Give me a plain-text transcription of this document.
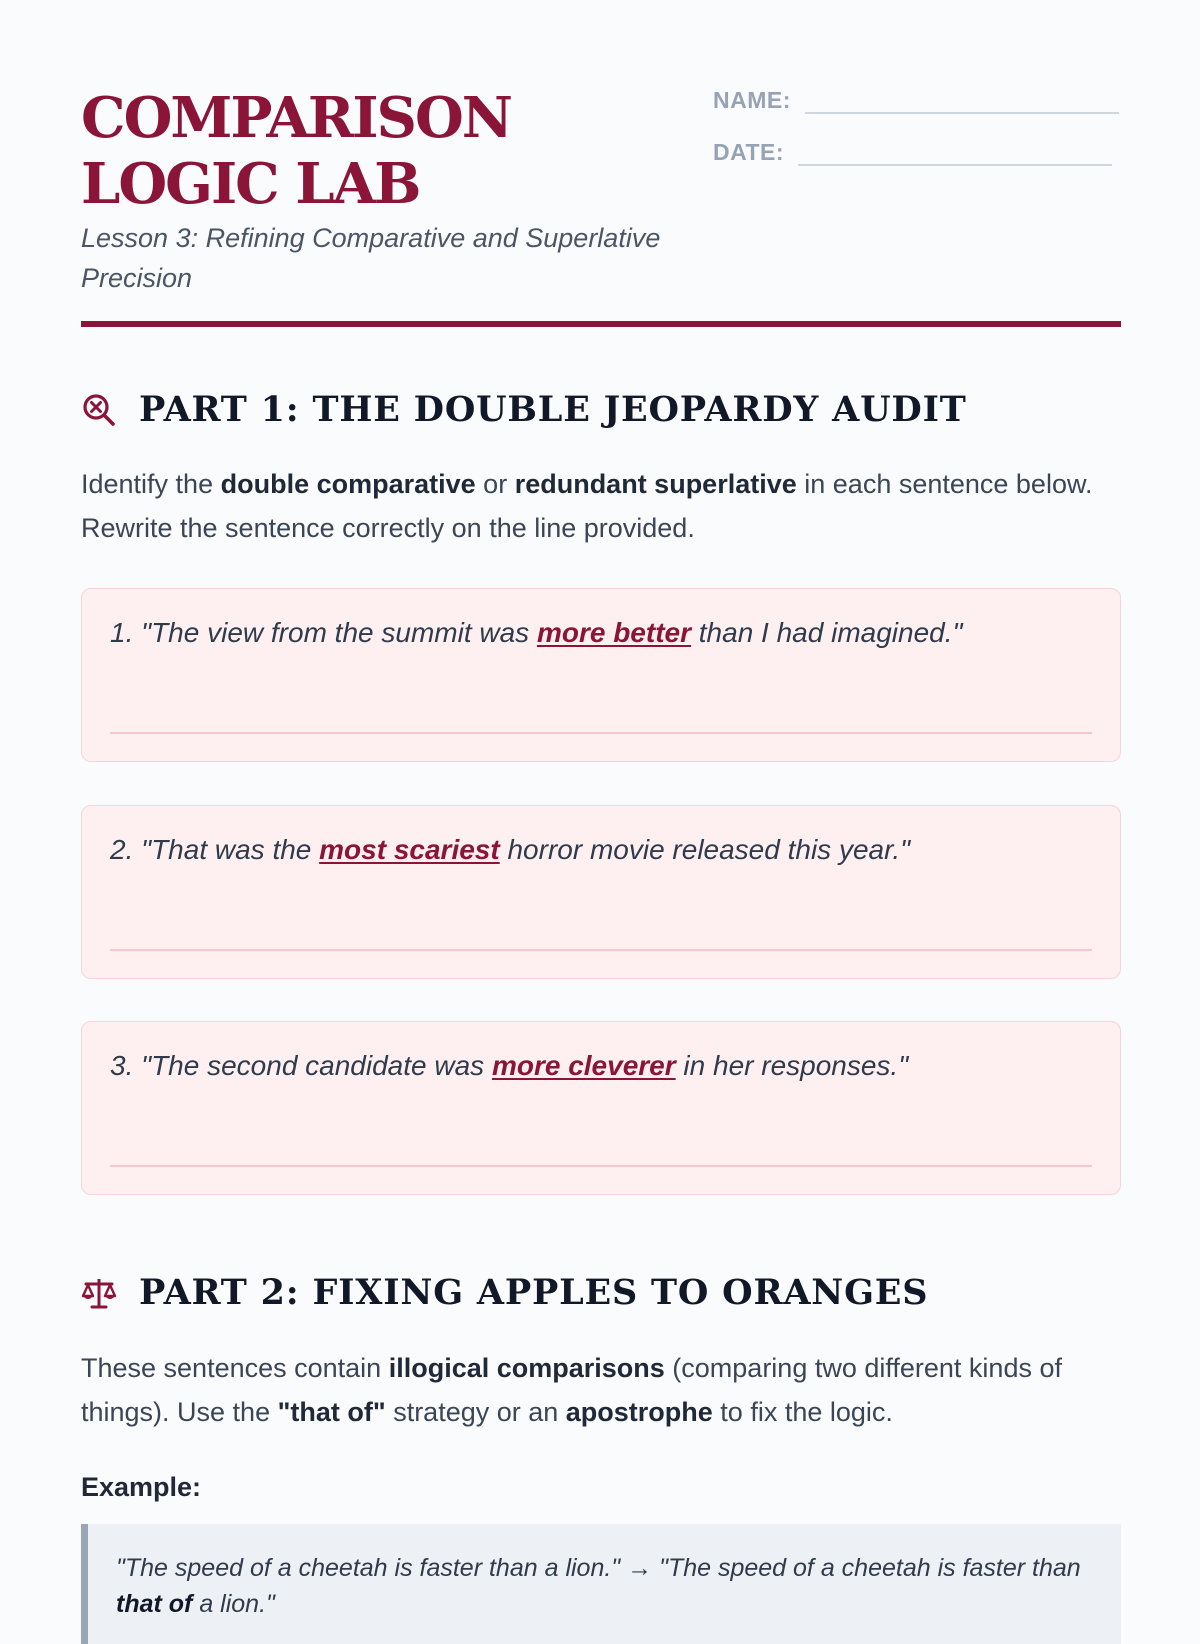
COMPARISON LOGIC LAB
Lesson 3: Refining Comparative and Superlative Precision
NAME:
DATE:
PART 1: THE DOUBLE JEOPARDY AUDIT
Identify the double comparative or redundant superlative in each sentence below. Rewrite the sentence correctly on the line provided.
1. "The view from the summit was more better than I had imagined."
2. "That was the most scariest horror movie released this year."
3. "The second candidate was more cleverer in her responses."
PART 2: FIXING APPLES TO ORANGES
These sentences contain illogical comparisons (comparing two different kinds of things). Use the "that of" strategy or an apostrophe to fix the logic.
Example:
"The speed of a cheetah is faster than a lion." → "The speed of a cheetah is faster than that of a lion."
